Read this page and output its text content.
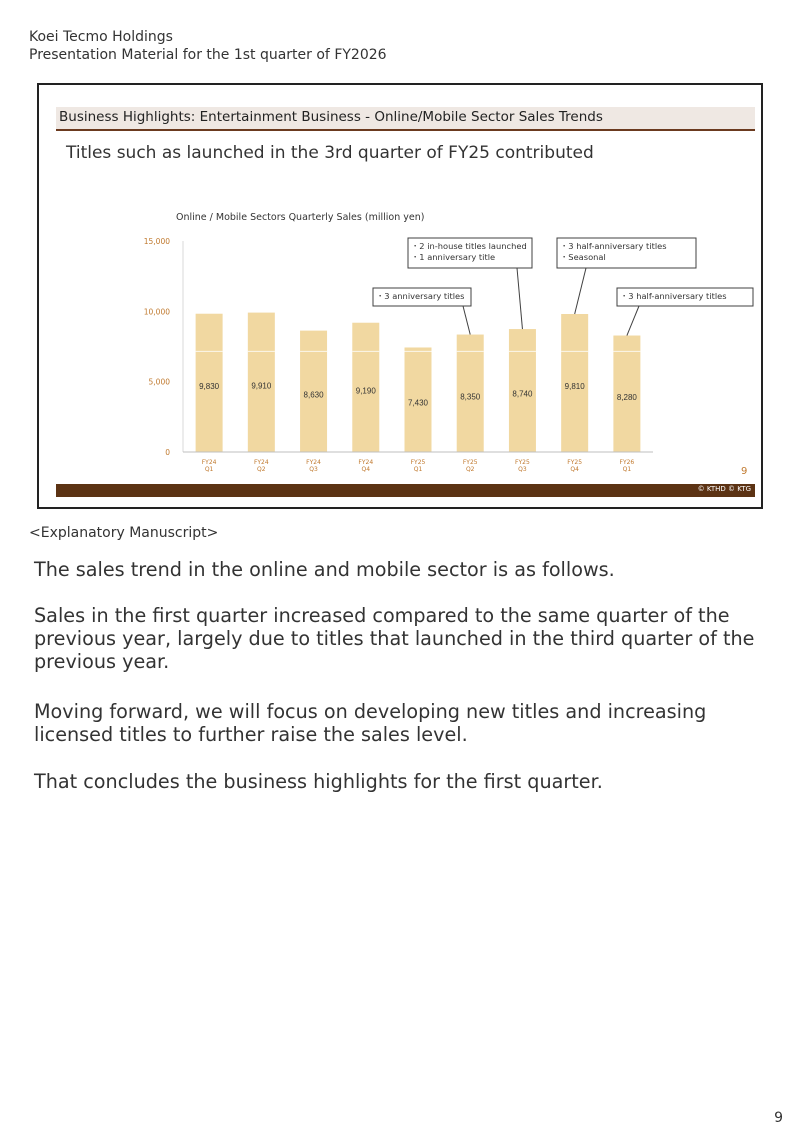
Koei Tecmo Holdings
Presentation Material for the 1st quarter of FY2026
Business Highlights: Entertainment Business - Online/Mobile Sector Sales Trends
Titles such as launched in the 3rd quarter of FY25 contributed
Online / Mobile Sectors Quarterly Sales (million yen)
0
5,000
10,000
15,000
9,830
FY24
Q1
9,910
FY24
Q2
8,630
FY24
Q3
9,190
FY24
Q4
7,430
FY25
Q1
8,350
FY25
Q2
8,740
FY25
Q3
9,810
FY25
Q4
8,280
FY26
Q1
・3 anniversary titles
・2 in-house titles launched
・1 anniversary title
・3 half-anniversary titles
・Seasonal
・3 half-anniversary titles
9
© KTHD © KTG
<Explanatory Manuscript>

The sales trend in the online and mobile sector is as follows.

Sales in the first quarter increased compared to the same quarter of the previous year, largely due to titles that launched in the third quarter of the previous year.

Moving forward, we will focus on developing new titles and increasing licensed titles to further raise the sales level.

That concludes the business highlights for the first quarter.

9
